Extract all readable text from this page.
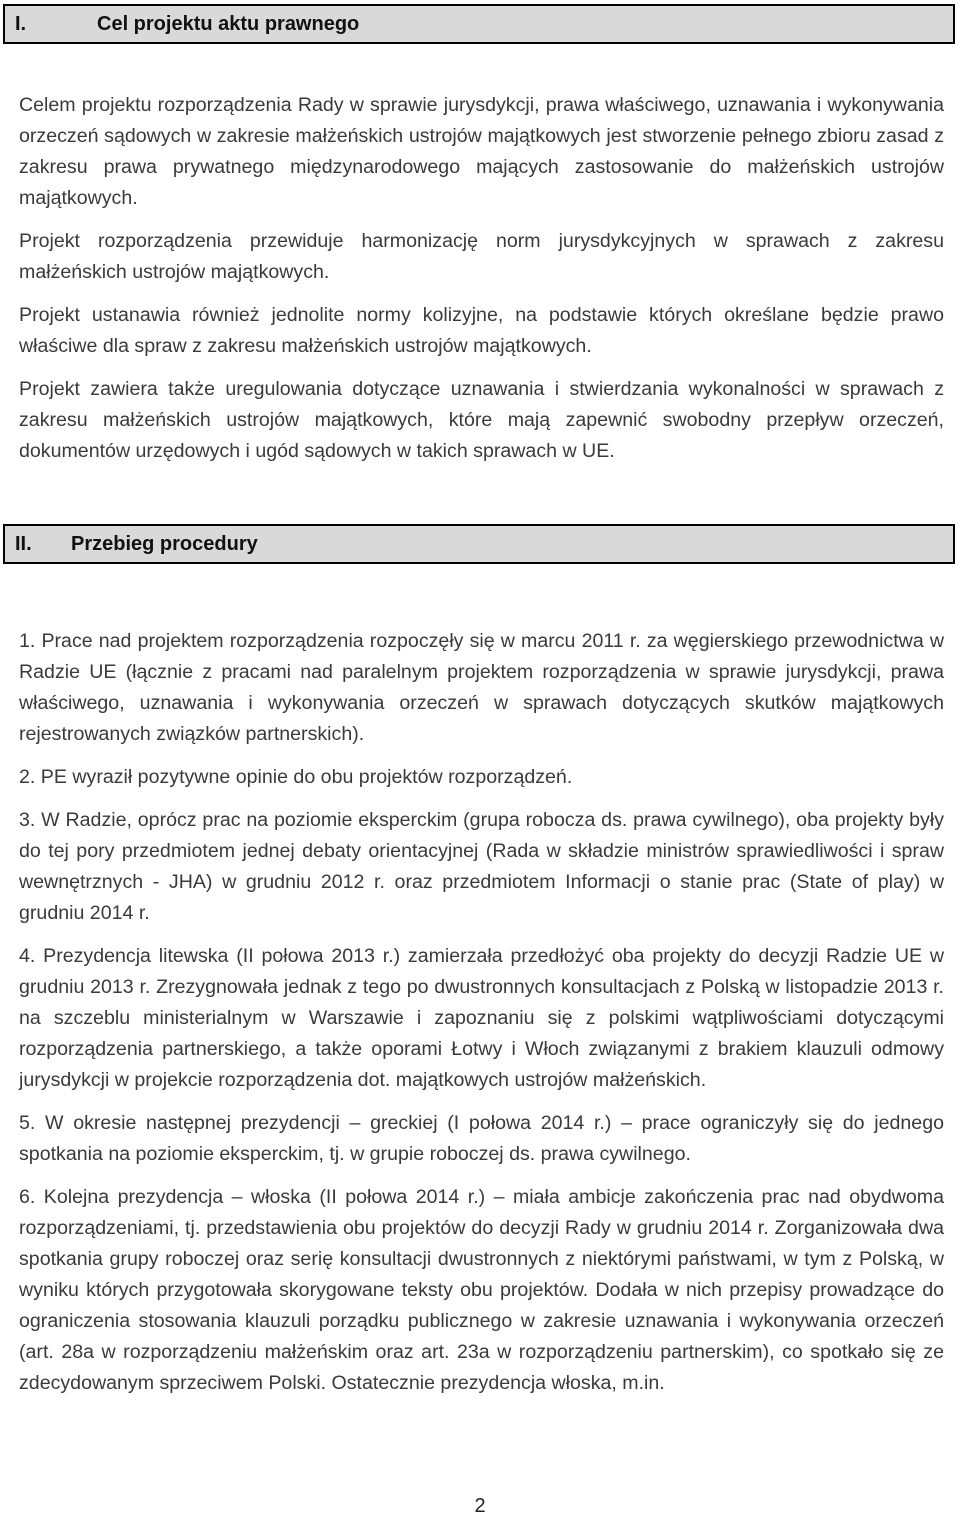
I.	Cel projektu aktu prawnego

Celem projektu rozporządzenia Rady w sprawie jurysdykcji, prawa właściwego, uznawania i wykonywania orzeczeń sądowych w zakresie małżeńskich ustrojów majątkowych jest stworzenie pełnego zbioru zasad z zakresu prawa prywatnego międzynarodowego mających zastosowanie do małżeńskich ustrojów majątkowych.

Projekt rozporządzenia przewiduje harmonizację norm jurysdykcyjnych w sprawach z zakresu małżeńskich ustrojów majątkowych.

Projekt ustanawia również jednolite normy kolizyjne, na podstawie których określane będzie prawo właściwe dla spraw z zakresu małżeńskich ustrojów majątkowych.

Projekt zawiera także uregulowania dotyczące uznawania i stwierdzania wykonalności w sprawach z zakresu małżeńskich ustrojów majątkowych, które mają zapewnić swobodny przepływ orzeczeń, dokumentów urzędowych i ugód sądowych w takich sprawach w UE.

II. Przebieg procedury

1. Prace nad projektem rozporządzenia rozpoczęły się w marcu 2011 r. za węgierskiego przewodnictwa w Radzie UE (łącznie z pracami nad paralelnym projektem rozporządzenia w sprawie jurysdykcji, prawa właściwego, uznawania i wykonywania orzeczeń w sprawach dotyczących skutków majątkowych rejestrowanych związków partnerskich).

2. PE wyraził pozytywne opinie do obu projektów rozporządzeń.

3. W Radzie, oprócz prac na poziomie eksperckim (grupa robocza ds. prawa cywilnego), oba projekty były do tej pory przedmiotem jednej debaty orientacyjnej (Rada w składzie ministrów sprawiedliwości i spraw wewnętrznych - JHA) w grudniu 2012 r. oraz przedmiotem Informacji o stanie prac (State of play) w grudniu 2014 r.

4. Prezydencja litewska (II połowa 2013 r.) zamierzała przedłożyć oba projekty do decyzji Radzie UE w grudniu 2013 r. Zrezygnowała jednak z tego po dwustronnych konsultacjach z Polską w listopadzie 2013 r. na szczeblu ministerialnym w Warszawie i zapoznaniu się z polskimi wątpliwościami dotyczącymi rozporządzenia partnerskiego, a także oporami Łotwy i Włoch związanymi z brakiem klauzuli odmowy jurysdykcji w projekcie rozporządzenia dot. majątkowych ustrojów małżeńskich.

5. W okresie następnej prezydencji – greckiej (I połowa 2014 r.) – prace ograniczyły się do jednego spotkania na poziomie eksperckim, tj. w grupie roboczej ds. prawa cywilnego.

6. Kolejna prezydencja – włoska (II połowa 2014 r.) – miała ambicje zakończenia prac nad obydwoma rozporządzeniami, tj. przedstawienia obu projektów do decyzji Rady w grudniu 2014 r. Zorganizowała dwa spotkania grupy roboczej oraz serię konsultacji dwustronnych z niektórymi państwami, w tym z Polską, w wyniku których przygotowała skorygowane teksty obu projektów. Dodała w nich przepisy prowadzące do ograniczenia stosowania klauzuli porządku publicznego w zakresie uznawania i wykonywania orzeczeń (art. 28a w rozporządzeniu małżeńskim oraz art. 23a w rozporządzeniu partnerskim), co spotkało się ze zdecydowanym sprzeciwem Polski. Ostatecznie prezydencja włoska, m.in.

2
